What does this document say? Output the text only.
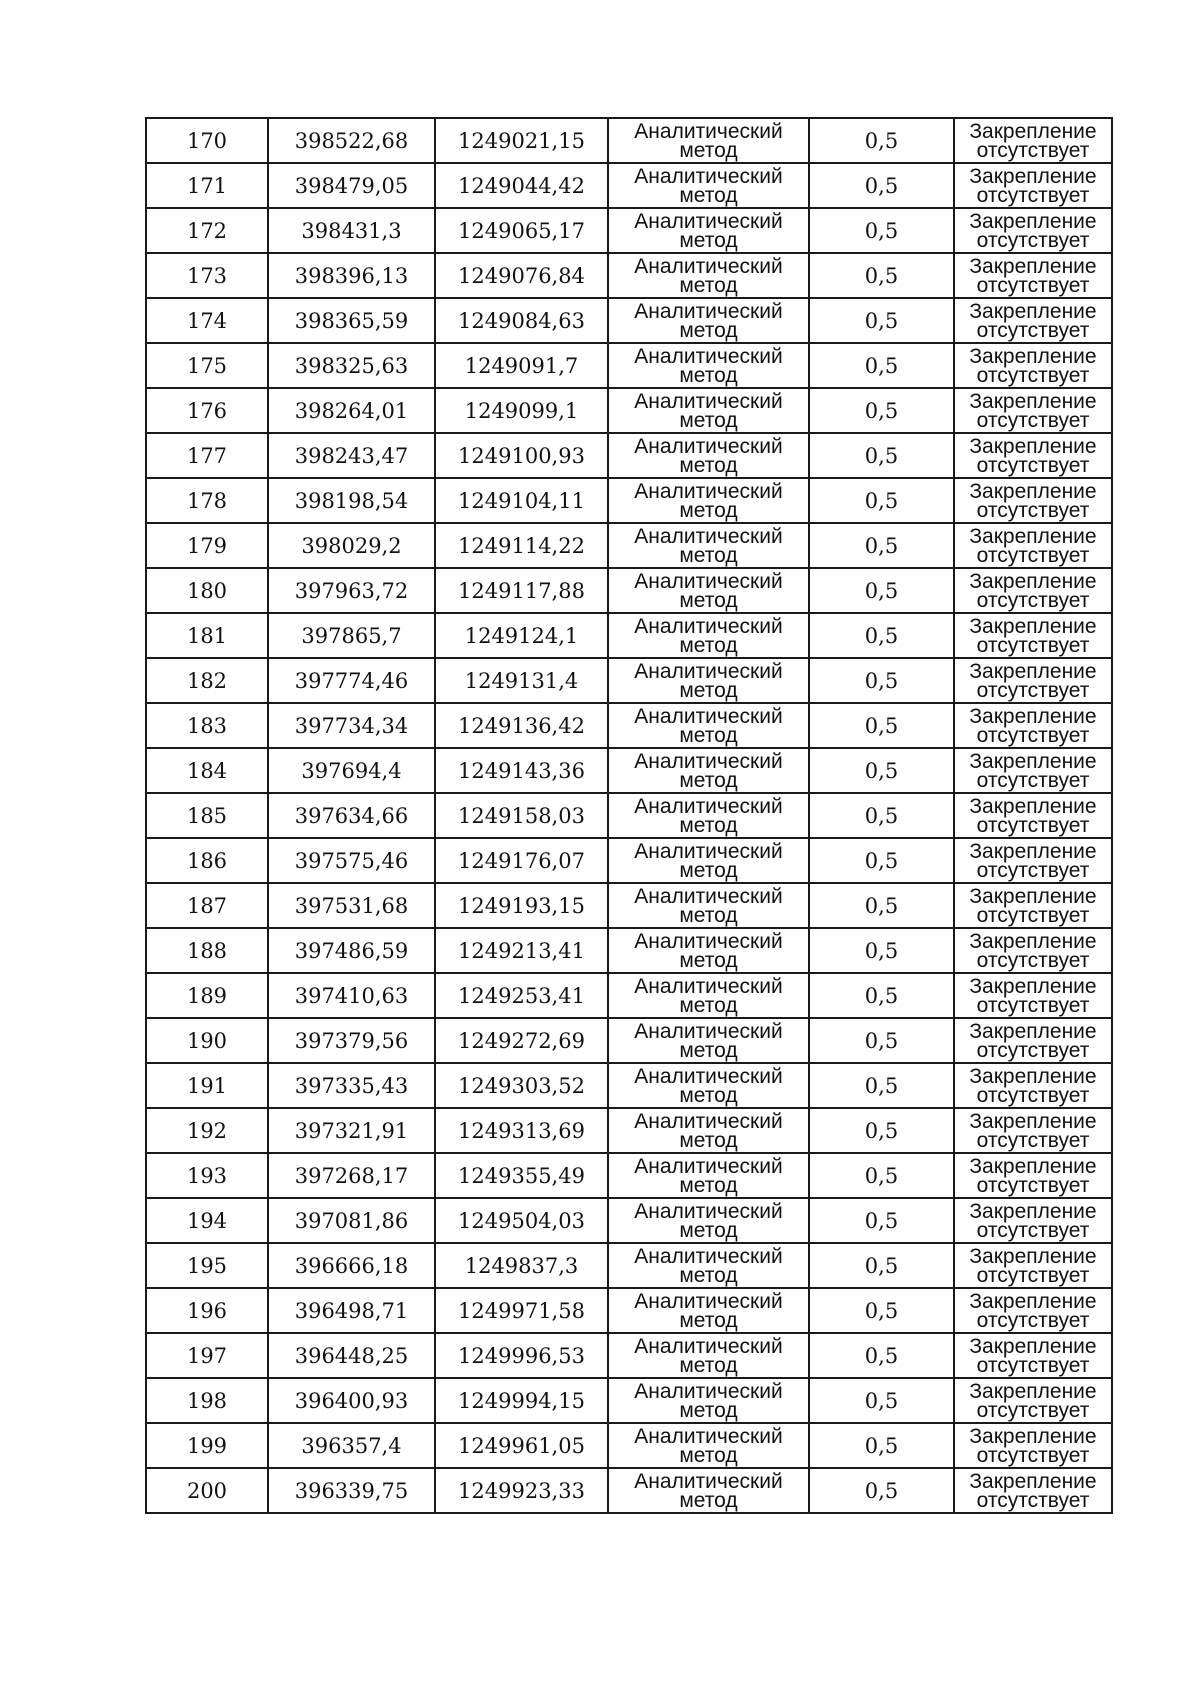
170	398522,68	1249021,15	Аналитический
метод	0,5	Закрепление
отсутствует

171	398479,05	1249044,42	Аналитический
метод	0,5	Закрепление
отсутствует

172	398431,3	1249065,17	Аналитический
метод	0,5	Закрепление
отсутствует

173	398396,13	1249076,84	Аналитический
метод	0,5	Закрепление
отсутствует

174	398365,59	1249084,63	Аналитический
метод	0,5	Закрепление
отсутствует

175	398325,63	1249091,7	Аналитический
метод	0,5	Закрепление
отсутствует

176	398264,01	1249099,1	Аналитический
метод	0,5	Закрепление
отсутствует

177	398243,47	1249100,93	Аналитический
метод	0,5	Закрепление
отсутствует

178	398198,54	1249104,11	Аналитический
метод	0,5	Закрепление
отсутствует

179	398029,2	1249114,22	Аналитический
метод	0,5	Закрепление
отсутствует

180	397963,72	1249117,88	Аналитический
метод	0,5	Закрепление
отсутствует

181	397865,7	1249124,1	Аналитический
метод	0,5	Закрепление
отсутствует

182	397774,46	1249131,4	Аналитический
метод	0,5	Закрепление
отсутствует

183	397734,34	1249136,42	Аналитический
метод	0,5	Закрепление
отсутствует

184	397694,4	1249143,36	Аналитический
метод	0,5	Закрепление
отсутствует

185	397634,66	1249158,03	Аналитический
метод	0,5	Закрепление
отсутствует

186	397575,46	1249176,07	Аналитический
метод	0,5	Закрепление
отсутствует

187	397531,68	1249193,15	Аналитический
метод	0,5	Закрепление
отсутствует

188	397486,59	1249213,41	Аналитический
метод	0,5	Закрепление
отсутствует

189	397410,63	1249253,41	Аналитический
метод	0,5	Закрепление
отсутствует

190	397379,56	1249272,69	Аналитический
метод	0,5	Закрепление
отсутствует

191	397335,43	1249303,52	Аналитический
метод	0,5	Закрепление
отсутствует

192	397321,91	1249313,69	Аналитический
метод	0,5	Закрепление
отсутствует

193	397268,17	1249355,49	Аналитический
метод	0,5	Закрепление
отсутствует

194	397081,86	1249504,03	Аналитический
метод	0,5	Закрепление
отсутствует

195	396666,18	1249837,3	Аналитический
метод	0,5	Закрепление
отсутствует

196	396498,71	1249971,58	Аналитический
метод	0,5	Закрепление
отсутствует

197	396448,25	1249996,53	Аналитический
метод	0,5	Закрепление
отсутствует

198	396400,93	1249994,15	Аналитический
метод	0,5	Закрепление
отсутствует

199	396357,4	1249961,05	Аналитический
метод	0,5	Закрепление
отсутствует

200	396339,75	1249923,33	Аналитический
метод	0,5	Закрепление
отсутствует
